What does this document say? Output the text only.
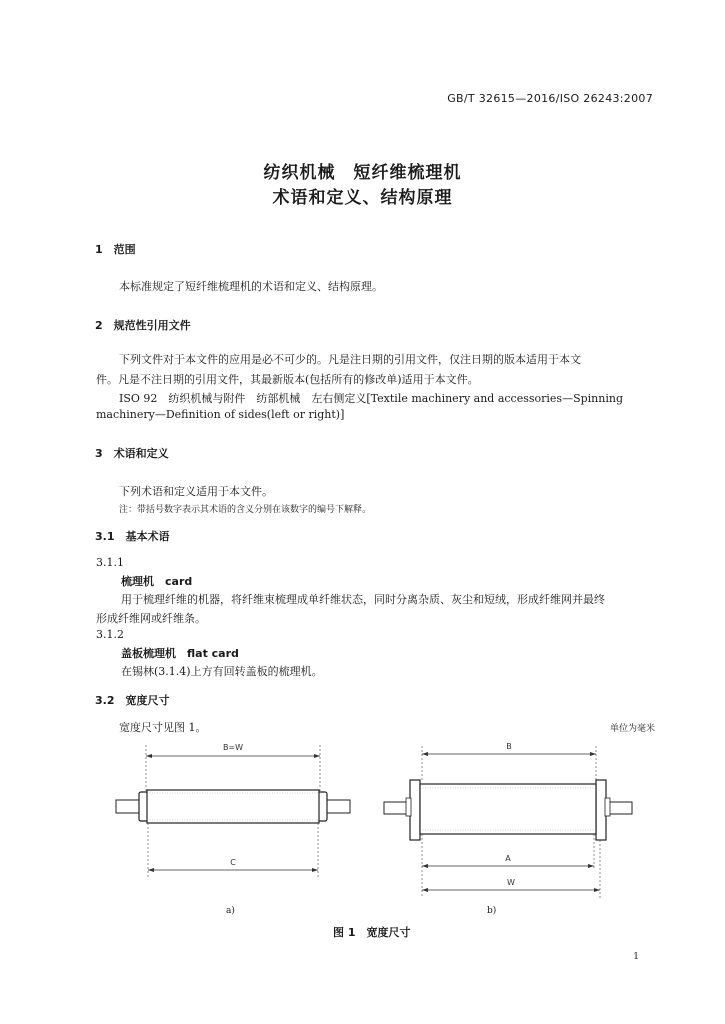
GB/T 32615—2016/ISO 26243:2007
纺织机械　短纤维梳理机
术语和定义、结构原理
1　范围
本标准规定了短纤维梳理机的术语和定义、结构原理。
2　规范性引用文件
下列文件对于本文件的应用是必不可少的。凡是注日期的引用文件，仅注日期的版本适用于本文
件。凡是不注日期的引用文件，其最新版本(包括所有的修改单)适用于本文件。
ISO 92　纺织机械与附件　纺部机械　左右侧定义[Textile machinery and accessories—Spinning
machinery—Definition of sides(left or right)]
3　术语和定义
下列术语和定义适用于本文件。
注：带括号数字表示其术语的含义分别在该数字的编号下解释。
3.1　基本术语
3.1.1
梳理机　card
用于梳理纤维的机器，将纤维束梳理成单纤维状态，同时分离杂质、灰尘和短绒，形成纤维网并最终
形成纤维网或纤维条。
3.1.2
盖板梳理机　flat card
在锡林(3.1.4)上方有回转盖板的梳理机。
3.2　宽度尺寸
宽度尺寸见图 1。	单位为毫米
B=W
C
B
A
W
a)	b)
图 1　宽度尺寸
1
